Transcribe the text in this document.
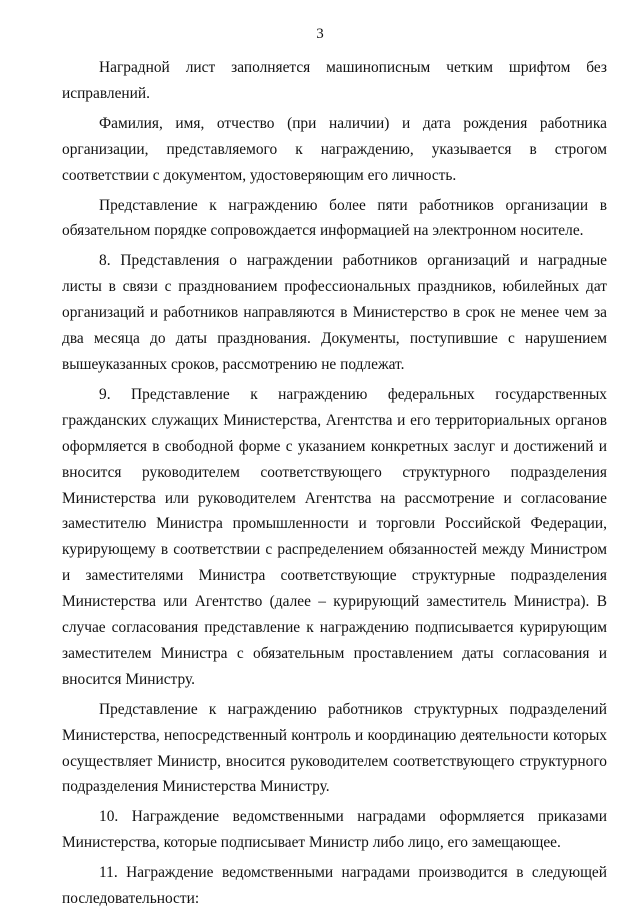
3

Наградной лист заполняется машинописным четким шрифтом без исправлений.

Фамилия, имя, отчество (при наличии) и дата рождения работника организации, представляемого к награждению, указывается в строгом соответствии с документом, удостоверяющим его личность.

Представление к награждению более пяти работников организации в обязательном порядке сопровождается информацией на электронном носителе.

8. Представления о награждении работников организаций и наградные листы в связи с празднованием профессиональных праздников, юбилейных дат организаций и работников направляются в Министерство в срок не менее чем за два месяца до даты празднования. Документы, поступившие с нарушением вышеуказанных сроков, рассмотрению не подлежат.

9. Представление к награждению федеральных государственных гражданских служащих Министерства, Агентства и его территориальных органов оформляется в свободной форме с указанием конкретных заслуг и достижений и вносится руководителем соответствующего структурного подразделения Министерства или руководителем Агентства на рассмотрение и согласование заместителю Министра промышленности и торговли Российской Федерации, курирующему в соответствии с распределением обязанностей между Министром и заместителями Министра соответствующие структурные подразделения Министерства или Агентство (далее – курирующий заместитель Министра). В случае согласования представление к награждению подписывается курирующим заместителем Министра с обязательным проставлением даты согласования и вносится Министру.

Представление к награждению работников структурных подразделений Министерства, непосредственный контроль и координацию деятельности которых осуществляет Министр, вносится руководителем соответствующего структурного подразделения Министерства Министру.

10. Награждение ведомственными наградами оформляется приказами Министерства, которые подписывает Министр либо лицо, его замещающее.

11. Награждение ведомственными наградами производится в следующей последовательности:
